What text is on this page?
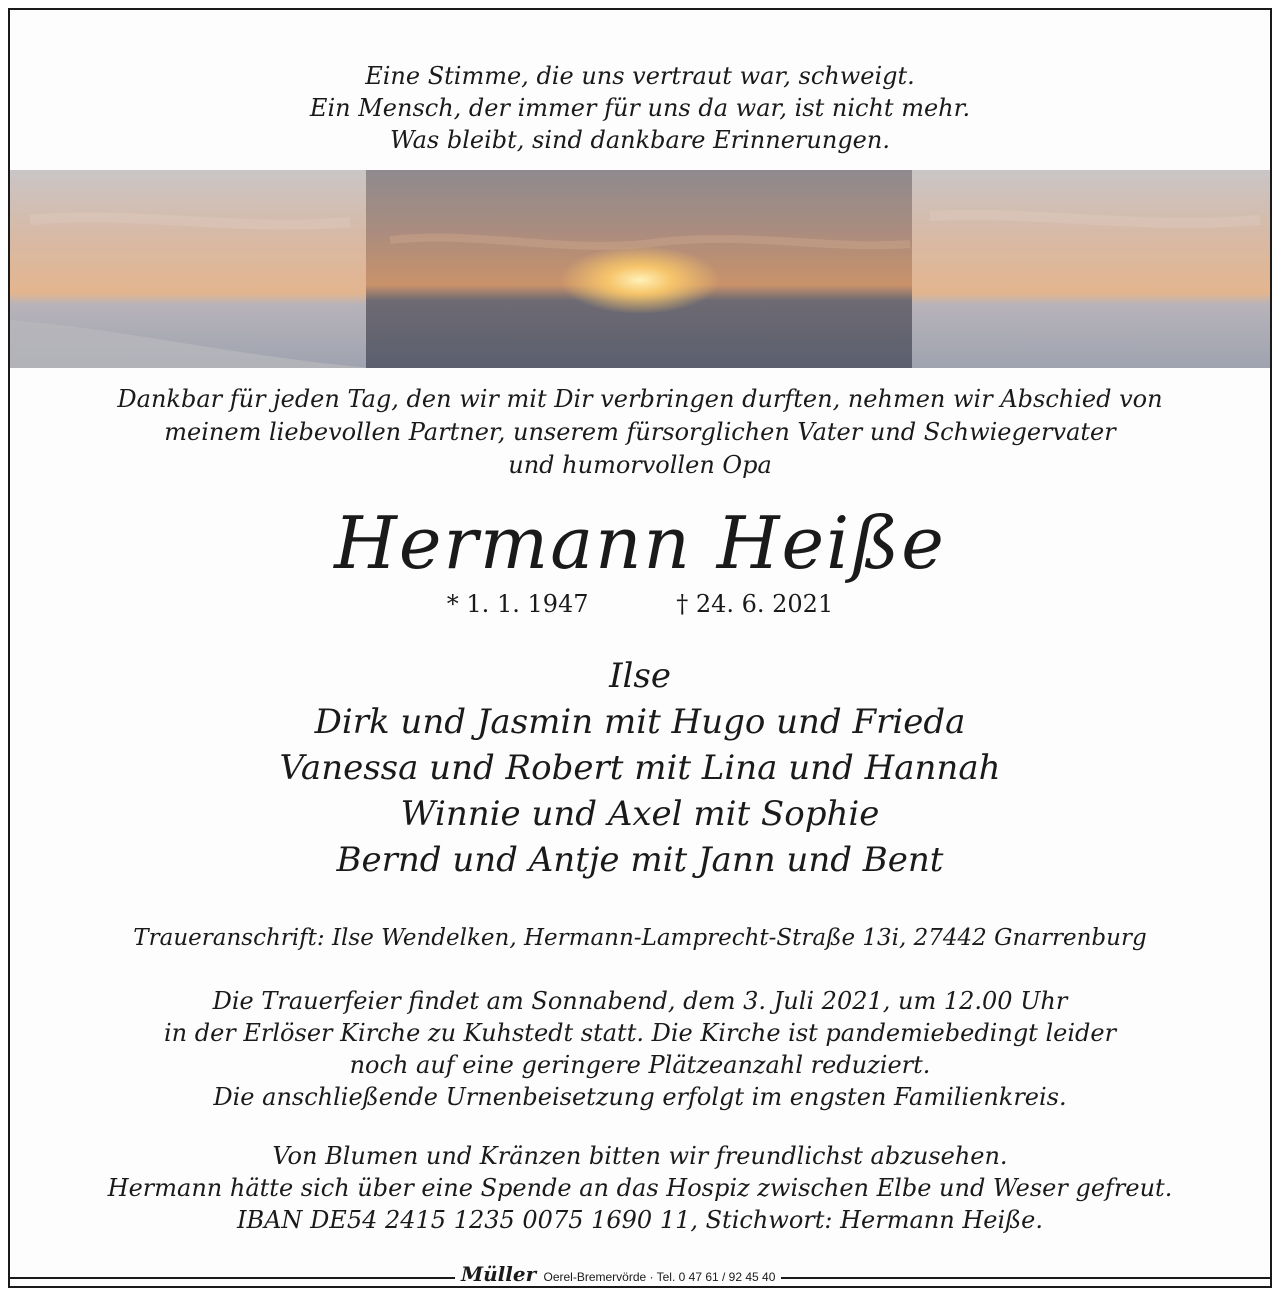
Eine Stimme, die uns vertraut war, schweigt.
Ein Mensch, der immer für uns da war, ist nicht mehr.
Was bleibt, sind dankbare Erinnerungen.
Dankbar für jeden Tag, den wir mit Dir verbringen durften, nehmen wir Abschied von
meinem liebevollen Partner, unserem fürsorglichen Vater und Schwiegervater
und humorvollen Opa
Hermann Heiße
* 1. 1. 1947	† 24. 6. 2021
Ilse
Dirk und Jasmin mit Hugo und Frieda
Vanessa und Robert mit Lina und Hannah
Winnie und Axel mit Sophie
Bernd und Antje mit Jann und Bent
Traueranschrift: Ilse Wendelken, Hermann-Lamprecht-Straße 13i, 27442 Gnarrenburg
Die Trauerfeier findet am Sonnabend, dem 3. Juli 2021, um 12.00 Uhr
in der Erlöser Kirche zu Kuhstedt statt. Die Kirche ist pandemiebedingt leider
noch auf eine geringere Plätzeanzahl reduziert.
Die anschließende Urnenbeisetzung erfolgt im engsten Familienkreis.
Von Blumen und Kränzen bitten wir freundlichst abzusehen.
Hermann hätte sich über eine Spende an das Hospiz zwischen Elbe und Weser gefreut.
IBAN DE54 2415 1235 0075 1690 11, Stichwort: Hermann Heiße.
Müller Oerel-Bremervörde · Tel. 0 47 61 / 92 45 40
